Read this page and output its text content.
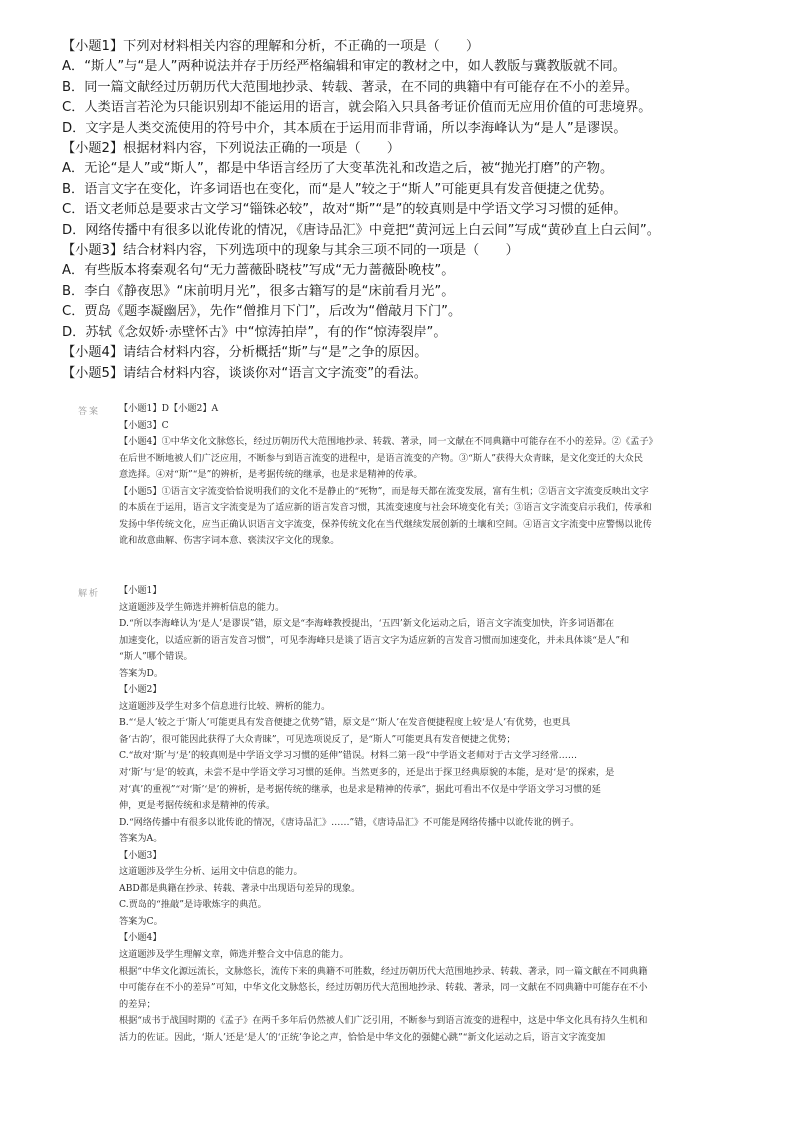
【小题1】下列对材料相关内容的理解和分析，不正确的一项是（　　）
A．“斯人”与“是人”两种说法并存于历经严格编辑和审定的教材之中，如人教版与冀教版就不同。
B．同一篇文献经过历朝历代大范围地抄录、转载、著录，在不同的典籍中有可能存在不小的差异。
C．人类语言若沦为只能识别却不能运用的语言，就会陷入只具备考证价值而无应用价值的可悲境界。
D．文字是人类交流使用的符号中介，其本质在于运用而非背诵，所以李海峰认为“是人”是谬误。
【小题2】根据材料内容，下列说法正确的一项是（　　）
A．无论“是人”或“斯人”，都是中华语言经历了大变革洗礼和改造之后，被“抛光打磨”的产物。
B．语言文字在变化，许多词语也在变化，而“是人”较之于“斯人”可能更具有发音便捷之优势。
C．语文老师总是要求古文学习“锱铢必较”，故对“斯”“是”的较真则是中学语文学习习惯的延伸。
D．网络传播中有很多以讹传讹的情况，《唐诗品汇》中竟把“黄河远上白云间”写成“黄砂直上白云间”。
【小题3】结合材料内容，下列选项中的现象与其余三项不同的一项是（　　）
A．有些版本将秦观名句“无力蔷薇卧晓枝”写成“无力蔷薇卧晚枝”。
B．李白《静夜思》“床前明月光”，很多古籍写的是“床前看月光”。
C．贾岛《题李凝幽居》，先作“僧推月下门”，后改为“僧敲月下门”。
D．苏轼《念奴娇·赤壁怀古》中“惊涛拍岸”，有的作“惊涛裂岸”。
【小题4】请结合材料内容，分析概括“斯”与“是”之争的原因。
【小题5】请结合材料内容，谈谈你对“语言文字流变”的看法。
答案 【小题1】D【小题2】A
【小题3】C
【小题4】①中华文化文脉悠长，经过历朝历代大范围地抄录、转载、著录，同一文献在不同典籍中可能存在不小的差异。②《孟子》
在后世不断地被人们广泛应用，不断参与到语言流变的进程中，是语言流变的产物。③“斯人”获得大众青睐，是文化变迁的大众民
意选择。④对“斯”“是”的辨析，是考据传统的继承，也是求是精神的传承。
【小题5】①语言文字流变恰恰说明我们的文化不是静止的“死物”，而是每天都在流变发展，富有生机；②语言文字流变反映出文字
的本质在于运用，语言文字流变是为了适应新的语言发音习惯，其流变速度与社会环境变化有关；③语言文字流变启示我们，传承和
发扬中华传统文化，应当正确认识语言文字流变，保养传统文化在当代继续发展创新的土壤和空间。④语言文字流变中应警惕以讹传
讹和故意曲解、伤害字词本意、亵渎汉字文化的现象。
解析 【小题1】
这道题涉及学生筛选并辨析信息的能力。
D.“所以李海峰认为‘是人’是谬误”错，原文是“李海峰教授提出，‘五四’新文化运动之后，语言文字流变加快，许多词语都在
加速变化，以适应新的语言发音习惯”，可见李海峰只是谈了语言文字为适应新的言发音习惯而加速变化，并未具体谈“是人”和
“斯人”哪个错误。
答案为D。
【小题2】
这道题涉及学生对多个信息进行比较、辨析的能力。
B.“‘是人’较之于‘斯人’可能更具有发音便捷之优势”错，原文是“‘斯人’在发音便捷程度上较‘是人’有优势，也更具
备‘古韵’，很可能因此获得了大众青睐”，可见选项说反了，是“斯人”可能更具有发音便捷之优势；
C.“故对‘斯’与‘是’的较真则是中学语文学习习惯的延伸”错误。材料二第一段“中学语文老师对于古文学习经常……
对‘斯’与‘是’的较真，未尝不是中学语文学习习惯的延伸。当然更多的，还是出于探卫经典原貌的本能，是对‘是’的探索，是
对‘真’的重视”“对‘斯’‘是’的辨析，是考据传统的继承，也是求是精神的传承”，据此可看出不仅是中学语文学习习惯的延
伸，更是考据传统和求是精神的传承。
D.“网络传播中有很多以讹传讹的情况，《唐诗品汇》……”错，《唐诗品汇》不可能是网络传播中以讹传讹的例子。
答案为A。
【小题3】
这道题涉及学生分析、运用文中信息的能力。
ABD都是典籍在抄录、转载、著录中出现语句差异的现象。
C.贾岛的“推敲”是诗歌炼字的典范。
答案为C。
【小题4】
这道题涉及学生理解文章，筛选并整合文中信息的能力。
根据“中华文化源远流长，文脉悠长，流传下来的典籍不可胜数，经过历朝历代大范围地抄录、转载、著录，同一篇文献在不同典籍
中可能存在不小的差异”可知，中华文化文脉悠长，经过历朝历代大范围地抄录、转载、著录，同一文献在不同典籍中可能存在不小
的差异；
根据“成书于战国时期的《孟子》在两千多年后仍然被人们广泛引用，不断参与到语言流变的进程中，这是中华文化具有持久生机和
活力的佐证。因此，‘斯人’还是‘是人’的‘正统’争论之声，恰恰是中华文化的强健心跳”“新文化运动之后，语言文字流变加
